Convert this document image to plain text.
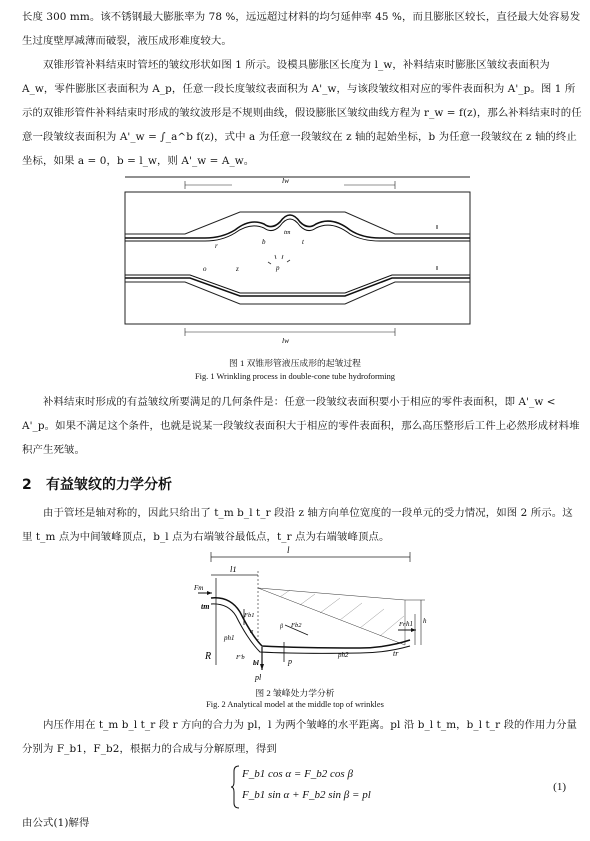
长度 300 mm。该不锈钢最大膨胀率为 78 %，远远超过材料的均匀延伸率 45 %，而且膨胀区较长，直径最大处容易发生过度壁厚减薄而破裂，液压成形难度较大。

双锥形管补料结束时管坯的皱纹形状如图 1 所示。设模具膨胀区长度为 l_w，补料结束时膨胀区皱纹表面积为 A_w，零件膨胀区表面积为 A_p，任意一段长度皱纹表面积为 A'_w，与该段皱纹相对应的零件表面积为 A'_p。图 1 所示的双锥形管件补料结束时形成的皱纹波形是不规则曲线，假设膨胀区皱纹曲线方程为 r_w = f(z)，那么补料结束时的任意一段皱纹表面积为 A'_w = ∫_a^b f(z)，式中 a 为任意一段皱纹在 z 轴的起始坐标，b 为任意一段皱纹在 z 轴的终止坐标，如果 a = 0，b = l_w，则 A'_w = A_w。

lw
lw
tm
b	t
r
o	z	p
图 1 双锥形管液压成形的起皱过程
Fig. 1 Wrinkling process in double-cone tube hydroforming

补料结束时形成的有益皱纹所要满足的几何条件是：任意一段皱纹表面积要小于相应的零件表面积，即 A'_w < A'_p。如果不满足这个条件，也就是说某一段皱纹表面积大于相应的零件表面积，那么高压整形后工件上必然形成材料堆积产生死皱。

2 有益皱纹的力学分析

由于管坯是轴对称的，因此只给出了 t_m b_l t_r 段沿 z 轴方向单位宽度的一段单元的受力情况，如图 2 所示。这里 t_m 点为中间皱峰顶点，b_l 点为右端皱谷最低点，t_r 点为右端皱峰顶点。

l
l1
Fm
tm
Fb1
Fb2
α
β	Fr h1 h
ph1
ph2
R	F'b
bl	p
tr
pl
图 2 皱峰处力学分析
Fig. 2 Analytical model at the middle top of wrinkles

内压作用在 t_m b_l t_r 段 r 方向的合力为 pl，l 为两个皱峰的水平距离。pl 沿 b_l t_m，b_l t_r 段的作用力分量分别为 F_b1，F_b2，根据力的合成与分解原理，得到

F_b1 cos α = F_b2 cos β
F_b1 sin α + F_b2 sin β = pl
(1)

由公式(1)解得
